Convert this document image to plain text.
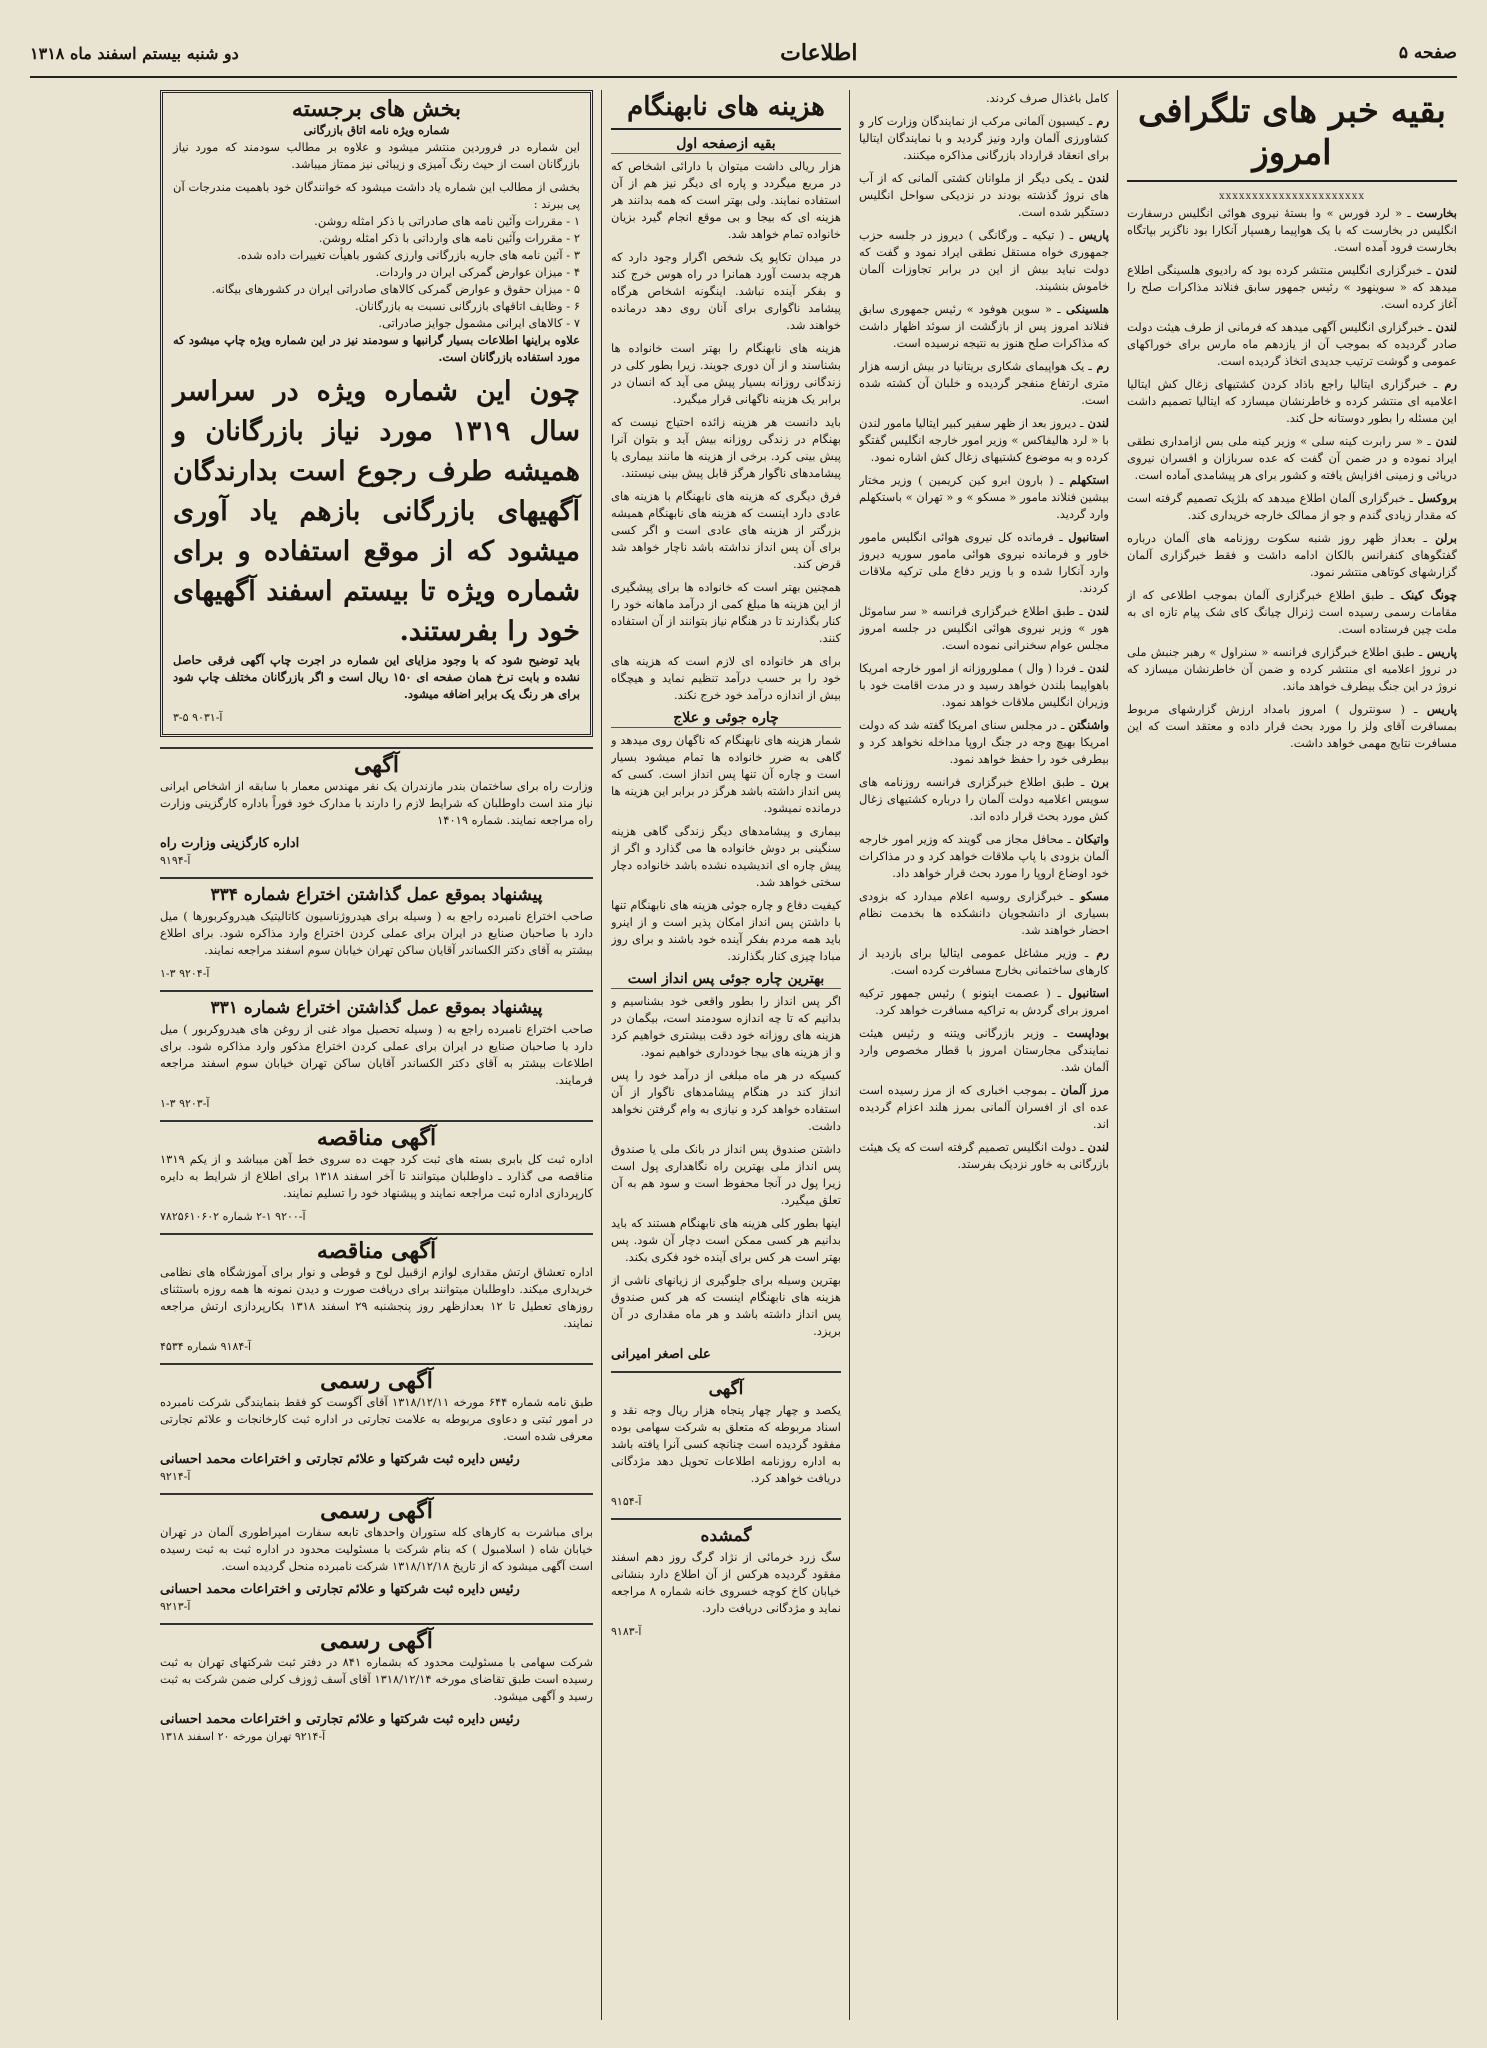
صفحه ۵
اطلاعات
دو شنبه بیستم اسفند ماه ۱۳۱۸
بقیه خبر های تلگرافی امروز
xxxxxxxxxxxxxxxxxxxxxx

بخارست ـ « لرد فورس » وا بستهٔ نیروی هوائی انگلیس درسفارت انگلیس در بخارست که با یک هواپیما رهسپار آنکارا بود ناگزیر بپاتگاه بخارست فرود آمده است.

لندن ـ خبرگزاری انگلیس منتشر کرده بود که رادیوی هلسینگی اطلاع میدهد که « سوینهود » رئیس جمهور سابق فنلاند مذاکرات صلح را آغاز کرده است.

لندن ـ خبرگزاری انگلیس آگهی میدهد که فرمانی از طرف هیئت دولت صادر گردیده که بموجب آن از یازدهم ماه مارس برای خوراکهای عمومی و گوشت ترتیب جدیدی اتخاذ گردیده است.

رم ـ خبرگزاری ایتالیا راجع باذاد کردن کشتیهای زغال کش ایتالیا اعلامیه ای منتشر کرده و خاطرنشان میسازد که ایتالیا تصمیم داشت این مسئله را بطور دوستانه حل کند.

لندن ـ « سر رابرت کینه سلی » وزیر کینه ملی بس ازامداری نطقی ایراد نموده و در ضمن آن گفت که عده سربازان و افسران نیروی دریائی و زمینی افزایش یافته و کشور برای هر پیشامدی آماده است.

بروکسل ـ خبرگزاری آلمان اطلاع میدهد که بلژیک تصمیم گرفته است که مقدار زیادی گندم و جو از ممالک خارجه خریداری کند.

برلن ـ بعداز ظهر روز شنبه سکوت روزنامه های آلمان درباره گفتگوهای کنفرانس بالکان ادامه داشت و فقط خبرگزاری آلمان گزارشهای کوتاهی منتشر نمود.

چونگ کینک ـ طبق اطلاع خبرگزاری آلمان بموجب اطلاعی که از مقامات رسمی رسیده است ژنرال چیانگ کای شک پیام تازه ای به ملت چین فرستاده است.

پاریس ـ طبق اطلاع خبرگزاری فرانسه « سنراول » رهبر جنبش ملی در نروژ اعلامیه ای منتشر کرده و ضمن آن خاطرنشان میسازد که نروژ در این جنگ بیطرف خواهد ماند.

پاریس ـ ( سونترول ) امروز بامداد ارزش گزارشهای مربوط بمسافرت آقای ولز را مورد بحث قرار داده و معتقد است که این مسافرت نتایج مهمی خواهد داشت.

کامل باغذال صرف کردند.

رم ـ کیسیون آلمانی مرکب از نمایندگان وزارت کار و کشاورزی آلمان وارد ونیز گردید و با نمایندگان ایتالیا برای انعقاد قرارداد بازرگانی مذاکره میکنند.

لندن ـ یکی دیگر از ملوانان کشتی آلمانی که از آب های نروژ گذشته بودند در نزدیکی سواحل انگلیس دستگیر شده است.

پاریس ـ ( تیکیه ـ ورگانگی ) دیروز در جلسه حزب جمهوری خواه مستقل نطقی ایراد نمود و گفت که دولت نباید بیش از این در برابر تجاوزات آلمان خاموش بنشیند.

هلسینکی ـ « سوین هوفود » رئیس جمهوری سابق فنلاند امروز پس از بازگشت از سوئد اظهار داشت که مذاکرات صلح هنوز به نتیجه نرسیده است.

رم ـ یک هواپیمای شکاری بریتانیا در بیش ازسه هزار متری ارتفاع منفجر گردیده و خلبان آن کشته شده است.

لندن ـ دیروز بعد از ظهر سفیر کبیر ایتالیا مامور لندن با « لرد هالیفاکس » وزیر امور خارجه انگلیس گفتگو کرده و به موضوع کشتیهای زغال کش اشاره نمود.

استکهلم ـ ( بارون ابرو کین کریمین ) وزیر مختار بیشین فنلاند مامور « مسکو » و « تهران » باستکهلم وارد گردید.

استانبول ـ فرمانده کل نیروی هوائی انگلیس مامور خاور و فرمانده نیروی هوائی مامور سوریه دیروز وارد آنکارا شده و با وزیر دفاع ملی ترکیه ملاقات کردند.

لندن ـ طبق اطلاع خبرگزاری فرانسه « سر ساموئل هور » وزیر نیروی هوائی انگلیس در جلسه امروز مجلس عوام سخنرانی نموده است.

لندن ـ فردا ( وال ) مملوروزانه از امور خارجه امریکا باهواپیما بلندن خواهد رسید و در مدت اقامت خود با وزیران انگلیس ملاقات خواهد نمود.

واشنگتن ـ در مجلس سنای امریکا گفته شد که دولت امریکا بهیچ وجه در جنگ اروپا مداخله نخواهد کرد و بیطرفی خود را حفظ خواهد نمود.

برن ـ طبق اطلاع خبرگزاری فرانسه روزنامه های سویس اعلامیه دولت آلمان را درباره کشتیهای زغال کش مورد بحث قرار داده اند.

واتیکان ـ محافل مجاز می گویند که وزیر امور خارجه آلمان بزودی با پاپ ملاقات خواهد کرد و در مذاکرات خود اوضاع اروپا را مورد بحث قرار خواهد داد.

مسکو ـ خبرگزاری روسیه اعلام میدارد که بزودی بسیاری از دانشجویان دانشکده ها بخدمت نظام احضار خواهند شد.

رم ـ وزیر مشاغل عمومی ایتالیا برای بازدید از کارهای ساختمانی بخارج مسافرت کرده است.

استانبول ـ ( عصمت اینونو ) رئیس جمهور ترکیه امروز برای گردش به تراکیه مسافرت خواهد کرد.

بوداپست ـ وزیر بازرگانی ویتنه و رئیس هیئت نمایندگی مجارستان امروز با قطار مخصوص وارد آلمان شد.

مرز آلمان ـ بموجب اخباری که از مرز رسیده است عده ای از افسران آلمانی بمرز هلند اعزام گردیده اند.

لندن ـ دولت انگلیس تصمیم گرفته است که یک هیئت بازرگانی به خاور نزدیک بفرستد.

هزینه های نابهنگام
بقیه ازصفحه اول

هزار ریالی داشت میتوان با دارائی اشخاص که در مربع میگردد و پاره ای دیگر نیز هم از آن استفاده نمایند. ولی بهتر است که همه بدانند هر هزینه ای که بیجا و بی موقع انجام گیرد بزیان خانواده تمام خواهد شد.

در میدان تکاپو یک شخص اگرار وجود دارد که هرچه بدست آورد همانرا در راه هوس خرج کند و بفکر آینده نباشد. اینگونه اشخاص هرگاه پیشامد ناگواری برای آنان روی دهد درمانده خواهند شد.

هزینه های نابهنگام را بهتر است خانواده ها بشناسند و از آن دوری جویند. زیرا بطور کلی در زندگانی روزانه بسیار پیش می آید که انسان در برابر یک هزینه ناگهانی قرار میگیرد.

باید دانست هر هزینه زائده احتیاج نیست که بهنگام در زندگی روزانه بیش آید و بتوان آنرا پیش بینی کرد. برخی از هزینه ها مانند بیماری یا پیشامدهای ناگوار هرگز قابل پیش بینی نیستند.

فرق دیگری که هزینه های نابهنگام با هزینه های عادی دارد اینست که هزینه های نابهنگام همیشه بزرگتر از هزینه های عادی است و اگر کسی برای آن پس انداز نداشته باشد ناچار خواهد شد قرض کند.

همچنین بهتر است که خانواده ها برای پیشگیری از این هزینه ها مبلغ کمی از درآمد ماهانه خود را کنار بگذارند تا در هنگام نیاز بتوانند از آن استفاده کنند.

برای هر خانواده ای لازم است که هزینه های خود را بر حسب درآمد تنظیم نماید و هیچگاه بیش از اندازه درآمد خود خرج نکند.

چاره جوئی و علاج

شمار هزینه های نابهنگام که ناگهان روی میدهد و گاهی به ضرر خانواده ها تمام میشود بسیار است و چاره آن تنها پس انداز است. کسی که پس انداز داشته باشد هرگز در برابر این هزینه ها درمانده نمیشود.

بیماری و پیشامدهای دیگر زندگی گاهی هزینه سنگینی بر دوش خانواده ها می گذارد و اگر از پیش چاره ای اندیشیده نشده باشد خانواده دچار سختی خواهد شد.

کیفیت دفاع و چاره جوئی هزینه های نابهنگام تنها با داشتن پس انداز امکان پذیر است و از اینرو باید همه مردم بفکر آینده خود باشند و برای روز مبادا چیزی کنار بگذارند.

بهترین چاره جوئی پس انداز است

اگر پس انداز را بطور واقعی خود بشناسیم و بدانیم که تا چه اندازه سودمند است، بیگمان در هزینه های روزانه خود دقت بیشتری خواهیم کرد و از هزینه های بیجا خودداری خواهیم نمود.

کسیکه در هر ماه مبلغی از درآمد خود را پس انداز کند در هنگام پیشامدهای ناگوار از آن استفاده خواهد کرد و نیازی به وام گرفتن نخواهد داشت.

داشتن صندوق پس انداز در بانک ملی یا صندوق پس انداز ملی بهترین راه نگاهداری پول است زیرا پول در آنجا محفوظ است و سود هم به آن تعلق میگیرد.

اینها بطور کلی هزینه های نابهنگام هستند که باید بدانیم هر کسی ممکن است دچار آن شود. پس بهتر است هر کس برای آینده خود فکری بکند.

بهترین وسیله برای جلوگیری از زیانهای ناشی از هزینه های نابهنگام اینست که هر کس صندوق پس انداز داشته باشد و هر ماه مقداری در آن بریزد.

علی اصغر امیرانی
آگهی

یکصد و چهار چهار پنجاه هزار ریال وجه نقد و اسناد مربوطه که متعلق به شرکت سهامی بوده مفقود گردیده است چنانچه کسی آنرا یافته باشد به اداره روزنامه اطلاعات تحویل دهد مژدگانی دریافت خواهد کرد.

آ-۹۱۵۴
گمشده

سگ زرد خرمائی از نژاد گرگ روز دهم اسفند مفقود گردیده هرکس از آن اطلاع دارد بنشانی خیابان کاخ کوچه خسروی خانه شماره ۸ مراجعه نماید و مژدگانی دریافت دارد.

آ-۹۱۸۳
بخش های برجسته
شماره ویژه نامه اتاق بازرگانی

این شماره در فروردین منتشر میشود و علاوه بر مطالب سودمند که مورد نیاز بازرگانان است از حیث رنگ آمیزی و زیبائی نیز ممتاز میباشد.

بخشی از مطالب این شماره یاد داشت میشود که خوانندگان خود باهمیت مندرجات آن پی ببرند :
۱ - مقررات وآئین نامه های صادراتی با ذکر امثله روشن.
۲ - مقررات وآئین نامه های وارداتی با ذکر امثله روشن.
۳ - آئین نامه های جاریه بازرگانی وارزی کشور باهیأت تغییرات داده شده.
۴ - میزان عوارض گمرکی ایران در واردات.
۵ - میزان حقوق و عوارض گمرکی کالاهای صادراتی ایران در کشورهای بیگانه.
۶ - وظایف اتاقهای بازرگانی نسبت به بازرگانان.
۷ - کالاهای ایرانی مشمول جوایز صادراتی.

علاوه براینها اطلاعات بسیار گرانبها و سودمند نیز در این شماره ویژه چاپ میشود که مورد استفاده بازرگانان است.

چون این شماره ویژه در سراسر سال ۱۳۱۹ مورد نیاز بازرگانان و همیشه طرف رجوع است بدارندگان آگهیهای بازرگانی بازهم یاد آوری میشود که از موقع استفاده و برای شماره ویژه تا بیستم اسفند آگهیهای خود را بفرستند.

باید توضیح شود که با وجود مزایای این شماره در اجرت چاپ آگهی فرقی حاصل نشده و بابت نرخ همان صفحه ای ۱۵۰ ریال است و اگر بازرگانان مختلف چاپ شود برای هر رنگ یک برابر اضافه میشود.

آ-۹۰۳۱ ۵-۳
آگهی

وزارت راه برای ساختمان بندر مازندران یک نفر مهندس معمار با سابقه از اشخاص ایرانی نیاز مند است داوطلبان که شرایط لازم را دارند با مدارک خود فوراً باداره کارگزینی وزارت راه مراجعه نمایند. شماره ۱۴۰۱۹

اداره کارگزینی وزارت راه
آ-۹۱۹۴
پیشنهاد بموقع عمل گذاشتن اختراع شماره ۳۳۴

صاحب اختراع نامبرده راجع به ( وسیله برای هیدروژناسیون کاتالیتیک هیدروکربورها ) میل دارد با صاحبان صنایع در ایران برای عملی کردن اختراع وارد مذاکره شود. برای اطلاع بیشتر به آقای دکتر الکساندر آقایان ساکن تهران خیابان سوم اسفند مراجعه نمایند.

آ-۹۲۰۴ ۳-۱
پیشنهاد بموقع عمل گذاشتن اختراع شماره ۳۳۱

صاحب اختراع نامبرده راجع به ( وسیله تحصیل مواد غنی از روغن های هیدروکربور ) میل دارد با صاحبان صنایع در ایران برای عملی کردن اختراع مذکور وارد مذاکره شود. برای اطلاعات بیشتر به آقای دکتر الکساندر آقایان ساکن تهران خیابان سوم اسفند مراجعه فرمایند.

آ-۹۲۰۳ ۳-۱
آگهی مناقصه

اداره ثبت کل بابری بسته های ثبت کرد جهت ده سروی خط آهن میباشد و از یکم ۱۳۱۹ مناقصه می گذارد ـ داوطلبان میتوانند تا آخر اسفند ۱۳۱۸ برای اطلاع از شرایط به دایره کارپردازی اداره ثبت مراجعه نمایند و پیشنهاد خود را تسلیم نمایند.

آ-۹۲۰۰ ۱-۲ شماره ۷۸۲۵۶۱۰۶۰۲
آگهی مناقصه

اداره تعشاق ارتش مقداری لوازم ازقبیل لوح و قوطی و نوار برای آموزشگاه های نظامی خریداری میکند. داوطلبان میتوانند برای دریافت صورت و دیدن نمونه ها همه روزه باستثنای روزهای تعطیل تا ۱۲ بعدازظهر روز پنجشنبه ۲۹ اسفند ۱۳۱۸ بکارپردازی ارتش مراجعه نمایند.

آ-۹۱۸۴ شماره ۴۵۳۴
آگهی رسمی

طبق نامه شماره ۶۴۴ مورخه ۱۳۱۸/۱۲/۱۱ آقای آگوست کو فقط بنمایندگی شرکت نامبرده در امور ثبتی و دعاوی مربوطه به علامت تجارتی در اداره ثبت کارخانجات و علائم تجارتی معرفی شده است.

رئیس دایره ثبت شرکتها و علائم تجارتی و اختراعات محمد احسانی
آ-۹۲۱۴
آگهی رسمی

برای مباشرت به کارهای کله ستوران واحدهای تابعه سفارت امپراطوری آلمان در تهران خیابان شاه ( اسلامبول ) که بنام شرکت با مسئولیت محدود در اداره ثبت به ثبت رسیده است آگهی میشود که از تاریخ ۱۳۱۸/۱۲/۱۸ شرکت نامبرده منحل گردیده است.

رئیس دایره ثبت شرکتها و علائم تجارتی و اختراعات محمد احسانی
آ-۹۲۱۳
آگهی رسمی

شرکت سهامی با مسئولیت محدود که بشماره ۸۴۱ در دفتر ثبت شرکتهای تهران به ثبت رسیده است طبق تقاضای مورخه ۱۳۱۸/۱۲/۱۴ آقای آسف ژوزف کرلی ضمن شرکت به ثبت رسید و آگهی میشود.

رئیس دایره ثبت شرکتها و علائم تجارتی و اختراعات محمد احسانی
آ-۹۲۱۴ تهران مورخه ۲۰ اسفند ۱۳۱۸
